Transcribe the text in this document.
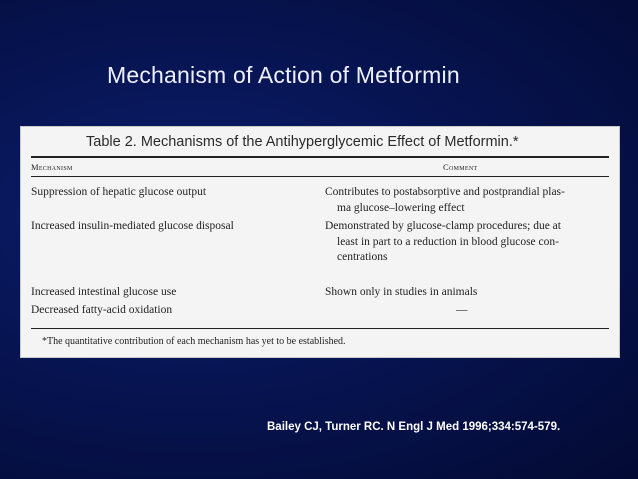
Mechanism of Action of Metformin
Table 2. Mechanisms of the Antihyperglycemic Effect of Metformin.*
Mechanism	Comment
Suppression of hepatic glucose output	Contributes to postabsorptive and postprandial plas-
ma glucose–lowering effect
Increased insulin-mediated glucose disposal	Demonstrated by glucose-clamp procedures; due at
least in part to a reduction in blood glucose con-
centrations
Increased intestinal glucose use	Shown only in studies in animals
Decreased fatty-acid oxidation	—
*The quantitative contribution of each mechanism has yet to be established.
Bailey CJ, Turner RC. N Engl J Med 1996;334:574-579.
